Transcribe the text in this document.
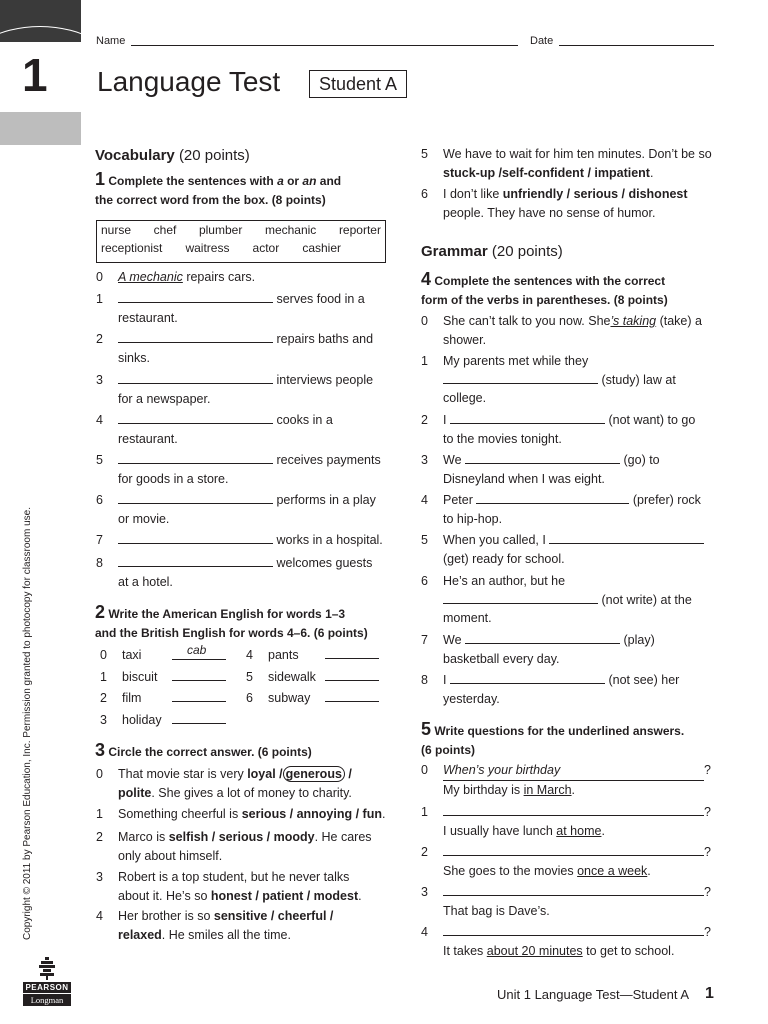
1
Name	Date
Language Test	Student A
Vocabulary (20 points)
1 Complete the sentences with a or an and
the correct word from the box. (8 points)
nurse chef plumber mechanic reporter
receptionist waitress actor cashier
0 A mechanic repairs cars.
1	serves food in a
restaurant.
2	repairs baths and
sinks.
3	interviews people
for a newspaper.
4	cooks in a
restaurant.
5	receives payments
for goods in a store.
6	performs in a play
or movie.
7	works in a hospital.
8	welcomes guests
at a hotel.
2 Write the American English for words 1–3
and the British English for words 4–6. (6 points)
0 taxi	cab
1 biscuit
2 film
3 holiday
4 pants
5 sidewalk
6 subway
3 Circle the correct answer. (6 points)
0 That movie star is very loyal / generous /
polite. She gives a lot of money to charity.
1 Something cheerful is serious / annoying / fun.
2 Marco is selfish / serious / moody. He cares
only about himself.
3 Robert is a top student, but he never talks
about it. He’s so honest / patient / modest.
4 Her brother is so sensitive / cheerful /
relaxed. He smiles all the time.
5 We have to wait for him ten minutes. Don’t be so
stuck-up /self-confident / impatient.
6 I don’t like unfriendly / serious / dishonest
people. They have no sense of humor.
Grammar (20 points)
4 Complete the sentences with the correct
form of the verbs in parentheses. (8 points)
0 She can’t talk to you now. She’s taking (take) a
shower.
1 My parents met while they
(study) law at
college.
2 I	(not want) to go
to the movies tonight.
3 We	(go) to
Disneyland when I was eight.
4 Peter	(prefer) rock
to hip-hop.
5 When you called, I
(get) ready for school.
6 He’s an author, but he
(not write) at the
moment.
7 We	(play)
basketball every day.
8 I	(not see) her
yesterday.
5 Write questions for the underlined answers.
(6 points)
0 When’s your birthday	?
My birthday is in March.
1	?
I usually have lunch at home.
2	?
She goes to the movies once a week.
3	?
That bag is Dave’s.
4	?
It takes about 20 minutes to get to school.
Copyright © 2011 by Pearson Education, Inc. Permission granted to photocopy for classroom use.
PEARSON
Longman	Unit 1 Language Test—Student A 1
